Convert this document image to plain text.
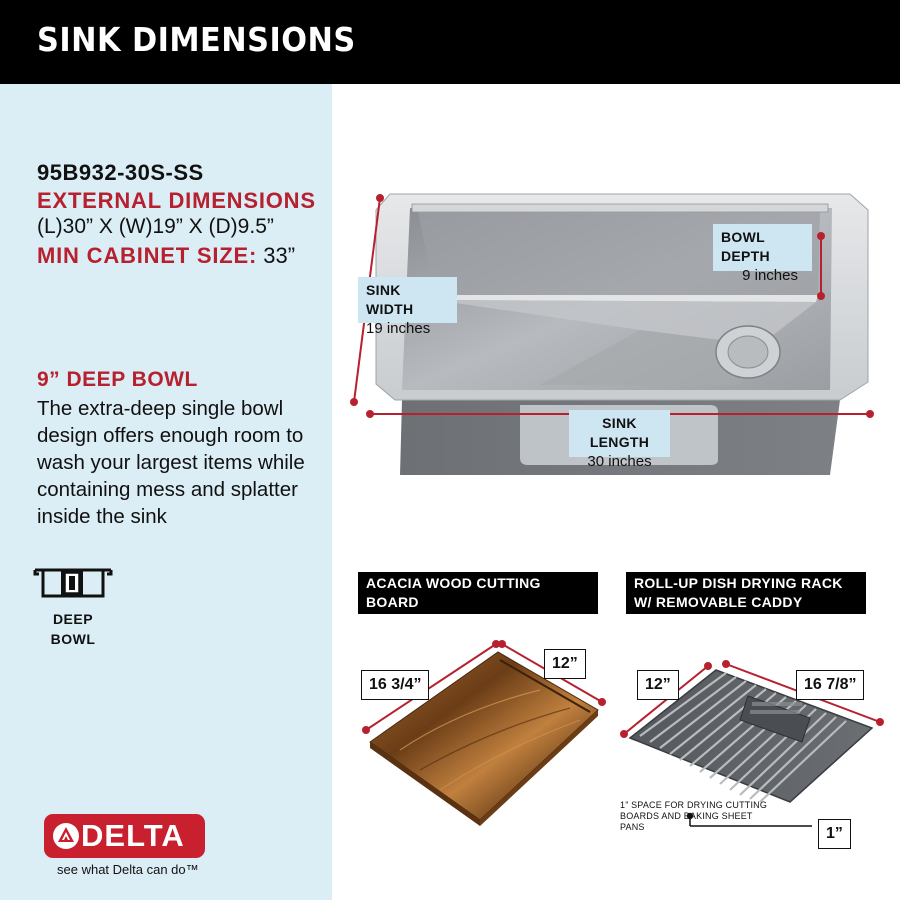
SINK DIMENSIONS
95B932-30S-SS
EXTERNAL DIMENSIONS
(L)30” X (W)19” X (D)9.5”
MIN CABINET SIZE: 33”
9” DEEP BOWL
The extra-deep single bowl design offers enough room to wash your largest items while containing mess and splatter inside the sink
DEEP
BOWL
DELTA
see what Delta can do™
SINK WIDTH
19 inches
BOWL DEPTH
9 inches
SINK LENGTH
30 inches
ACACIA WOOD CUTTING BOARD
W/ BUILT-IN TABLET SLOT
ROLL-UP DISH DRYING RACK
W/ REMOVABLE CADDY
16 3/4”
12”
12”	16 7/8”
1”
1” SPACE FOR DRYING CUTTING BOARDS AND BAKING SHEET PANS
